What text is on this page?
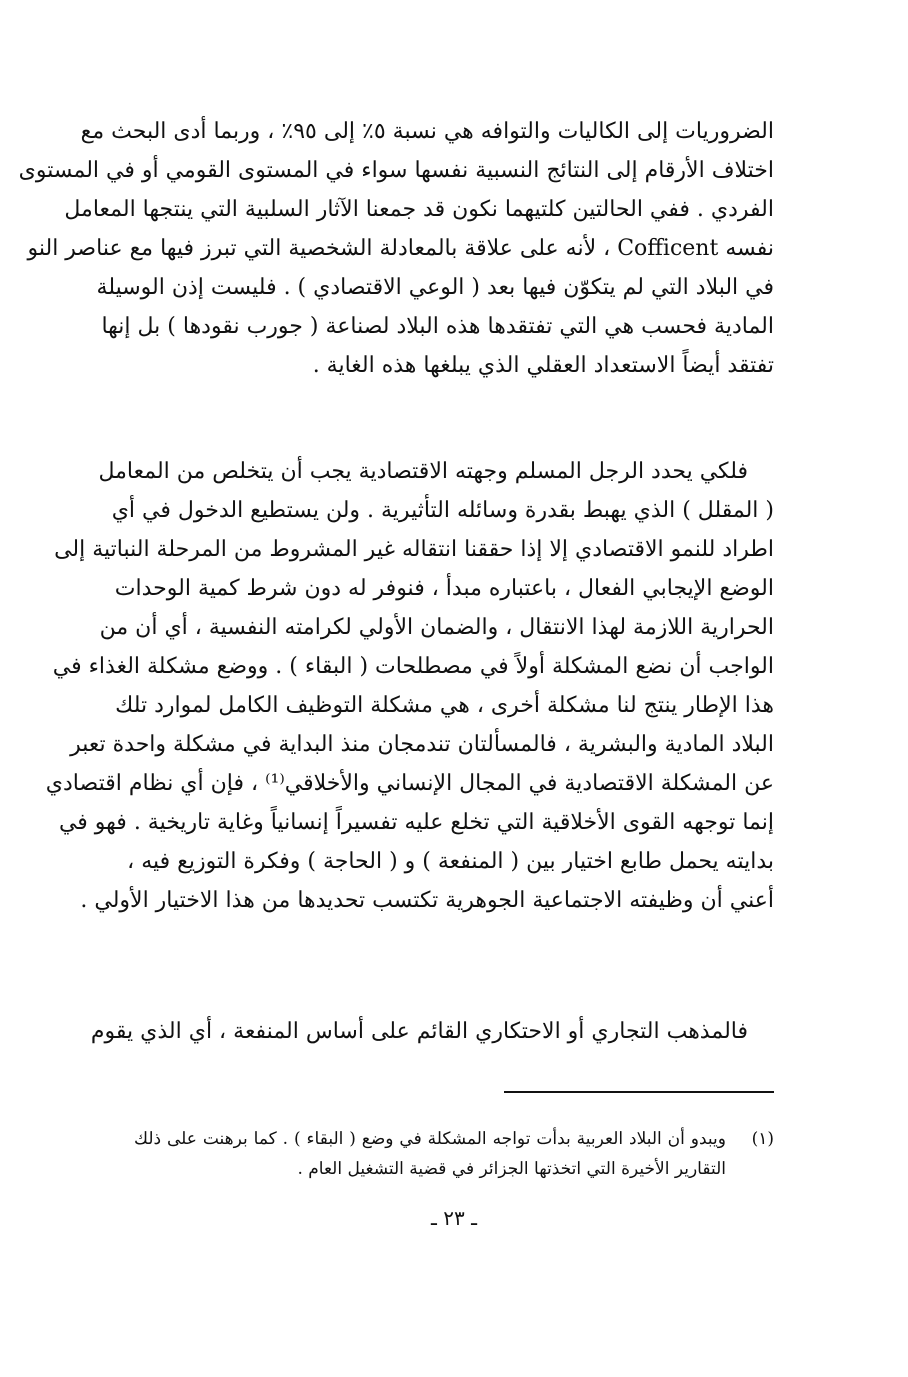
الضروريات إلى الكاليات والتوافه هي نسبة ٥٪ إلى ٩٥٪ ، وربما أدى البحث مع
اختلاف الأرقام إلى النتائج النسبية نفسها سواء في المستوى القومي أو في المستوى
الفردي . ففي الحالتين كلتيهما نكون قد جمعنا الآثار السلبية التي ينتجها المعامل
نفسه Cofficent ، لأنه على علاقة بالمعادلة الشخصية التي تبرز فيها مع عناصر النو
في البلاد التي لم يتكوّن فيها بعد ( الوعي الاقتصادي ) . فليست إذن الوسيلة
المادية فحسب هي التي تفتقدها هذه البلاد لصناعة ( جورب نقودها ) بل إنها
تفتقد أيضاً الاستعداد العقلي الذي يبلغها هذه الغاية .
فلكي يحدد الرجل المسلم وجهته الاقتصادية يجب أن يتخلص من المعامل
( المقلل ) الذي يهبط بقدرة وسائله التأثيرية . ولن يستطيع الدخول في أي
اطراد للنمو الاقتصادي إلا إذا حققنا انتقاله غير المشروط من المرحلة النباتية إلى
الوضع الإيجابي الفعال ، باعتباره مبدأ ، فنوفر له دون شرط كمية الوحدات
الحرارية اللازمة لهذا الانتقال ، والضمان الأولي لكرامته النفسية ، أي أن من
الواجب أن نضع المشكلة أولاً في مصطلحات ( البقاء ) . ووضع مشكلة الغذاء في
هذا الإطار ينتج لنا مشكلة أخرى ، هي مشكلة التوظيف الكامل لموارد تلك
البلاد المادية والبشرية ، فالمسألتان تندمجان منذ البداية في مشكلة واحدة تعبر
عن المشكلة الاقتصادية في المجال الإنساني والأخلاقي⁽¹⁾ ، فإن أي نظام اقتصادي
إنما توجهه القوى الأخلاقية التي تخلع عليه تفسيراً إنسانياً وغاية تاريخية . فهو في
بدايته يحمل طابع اختيار بين ( المنفعة ) و ( الحاجة ) وفكرة التوزيع فيه ،
أعني أن وظيفته الاجتماعية الجوهرية تكتسب تحديدها من هذا الاختيار الأولي .
فالمذهب التجاري أو الاحتكاري القائم على أساس المنفعة ، أي الذي يقوم
(١)
ويبدو أن البلاد العربية بدأت تواجه المشكلة في وضع ( البقاء ) . كما برهنت على ذلك
التقارير الأخيرة التي اتخذتها الجزائر في قضية التشغيل العام .
ـ ٢٣ ـ
